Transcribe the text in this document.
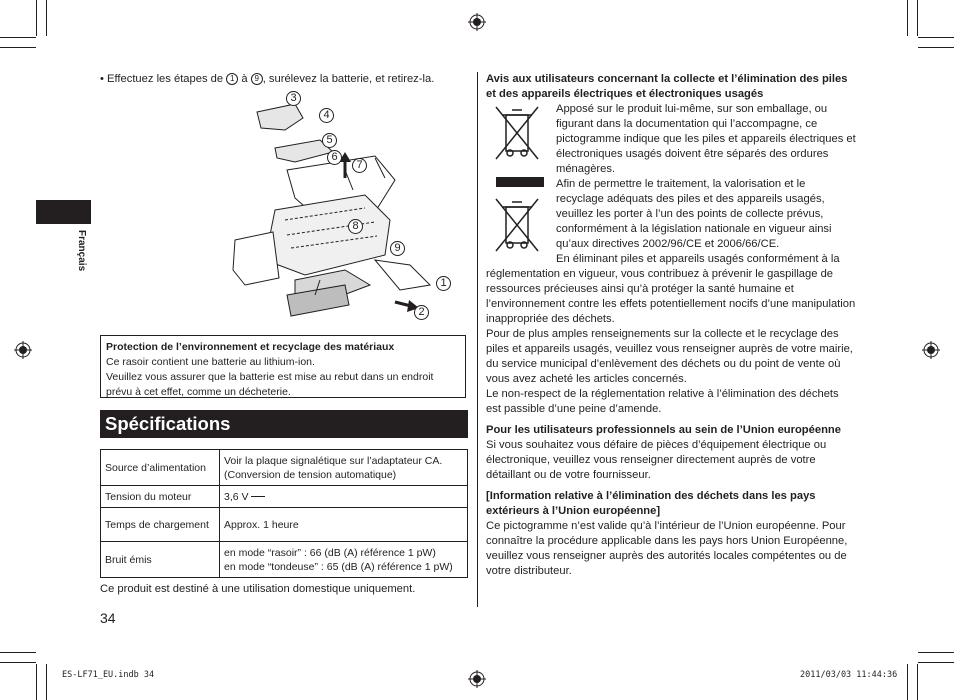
Français
• Effectuez les étapes de 1 à 9 , surélevez la batterie, et retirez-la.
3
4
5
6
7
8
9
1
2
Protection de l’environnement et recyclage des matériaux
Ce rasoir contient une batterie au lithium-ion.
Veuillez vous assurer que la batterie est mise au rebut dans un endroit prévu à cet effet, comme un décheterie.
Spécifications
Source d’alimentation	Voir la plaque signalétique sur l’adaptateur CA. (Conversion de tension automatique)
Tension du moteur	3,6 V
Temps de chargement	Approx. 1 heure
Bruit émis	en mode “rasoir” : 66 (dB (A) référence 1 pW)
en mode “tondeuse” : 65 (dB (A) référence 1 pW)
Ce produit est destiné à une utilisation domestique uniquement.
34

Avis aux utilisateurs concernant la collecte et l’élimination des piles et des appareils électriques et électroniques usagés

Apposé sur le produit lui-même, sur son emballage, ou figurant dans la documentation qui l’accompagne, ce pictogramme indique que les piles et appareils électriques et électroniques usagés doivent être séparés des ordures ménagères.

Afin de permettre le traitement, la valorisation et le recyclage adéquats des piles et des appareils usagés, veuillez les porter à l’un des points de collecte prévus, conformément à la législation nationale en vigueur ainsi qu’aux directives 2002/96/CE et 2006/66/CE.

En éliminant piles et appareils usagés conformément à la réglementation en vigueur, vous contribuez à prévenir le gaspillage de ressources précieuses ainsi qu’à protéger la santé humaine et l’environnement contre les effets potentiellement nocifs d’une manipulation inappropriée des déchets.

Pour de plus amples renseignements sur la collecte et le recyclage des piles et appareils usagés, veuillez vous renseigner auprès de votre mairie, du service municipal d’enlèvement des déchets ou du point de vente où vous avez acheté les articles concernés.

Le non-respect de la réglementation relative à l’élimination des déchets est passible d’une peine d’amende.

Pour les utilisateurs professionnels au sein de l’Union européenne

Si vous souhaitez vous défaire de pièces d’équipement électrique ou électronique, veuillez vous renseigner directement auprès de votre détaillant ou de votre fournisseur.

[Information relative à l’élimination des déchets dans les pays extérieurs à l’Union européenne]

Ce pictogramme n’est valide qu’à l’intérieur de l’Union européenne. Pour connaître la procédure applicable dans les pays hors Union Européenne, veuillez vous renseigner auprès des autorités locales compétentes ou de votre distributeur.

ES-LF71_EU.indb 34	2011/03/03 11:44:36
